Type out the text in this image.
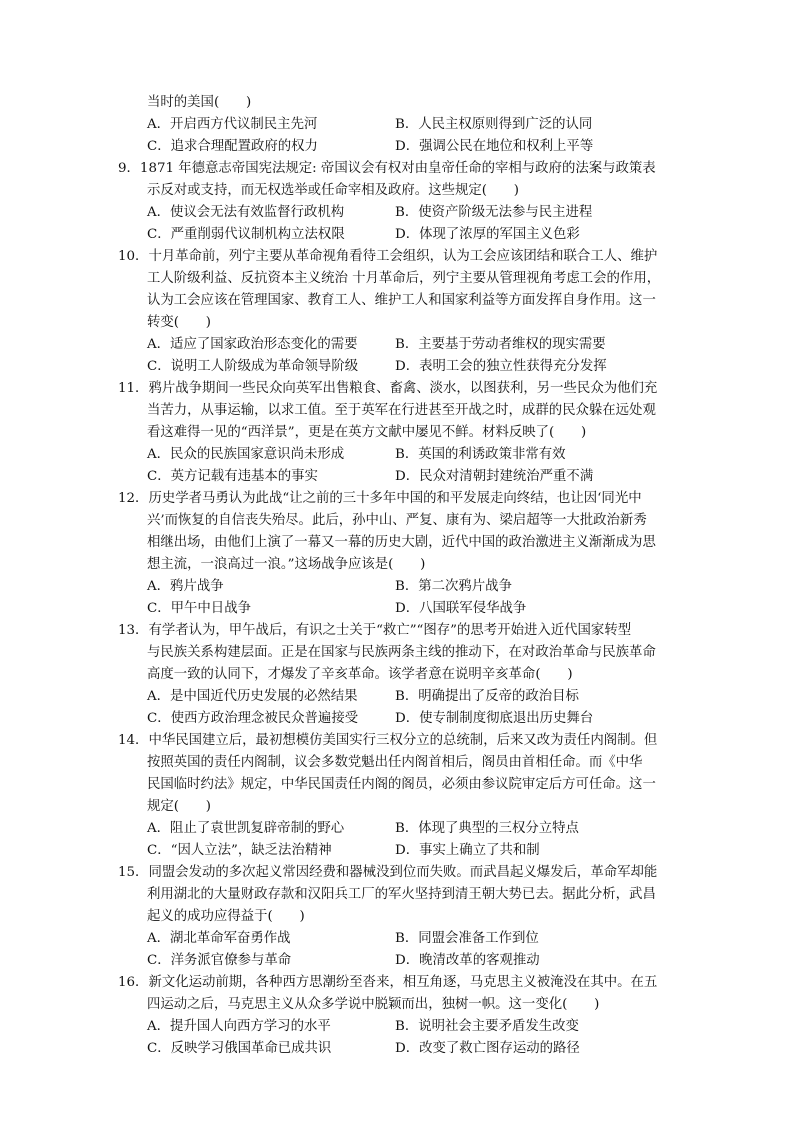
当时的美国(　　)
A．开启西方代议制民主先河	B．人民主权原则得到广泛的认同
C．追求合理配置政府的权力	D．强调公民在地位和权利上平等
9．1871 年德意志帝国宪法规定: 帝国议会有权对由皇帝任命的宰相与政府的法案与政策表
示反对或支持，而无权选举或任命宰相及政府。这些规定(　　)
A．使议会无法有效监督行政机构	B．使资产阶级无法参与民主进程
C．严重削弱代议制机构立法权限	D．体现了浓厚的军国主义色彩
10．十月革命前，列宁主要从革命视角看待工会组织，认为工会应该团结和联合工人、维护
工人阶级利益、反抗资本主义统治 十月革命后，列宁主要从管理视角考虑工会的作用，
认为工会应该在管理国家、教育工人、维护工人和国家利益等方面发挥自身作用。这一
转变(　　)
A．适应了国家政治形态变化的需要	B．主要基于劳动者维权的现实需要
C．说明工人阶级成为革命领导阶级	D．表明工会的独立性获得充分发挥
11．鸦片战争期间一些民众向英军出售粮食、畜禽、淡水，以图获利，另一些民众为他们充
当苦力，从事运输，以求工值。至于英军在行进甚至开战之时，成群的民众躲在远处观
看这难得一见的“西洋景”，更是在英方文献中屡见不鲜。材料反映了(　　)
A．民众的民族国家意识尚未形成	B．英国的利诱政策非常有效
C．英方记载有违基本的事实	D．民众对清朝封建统治严重不满
12．历史学者马勇认为此战“让之前的三十多年中国的和平发展走向终结，也让因‘同光中
兴’而恢复的自信丧失殆尽。此后，孙中山、严复、康有为、梁启超等一大批政治新秀
相继出场，由他们上演了一幕又一幕的历史大剧，近代中国的政治激进主义渐渐成为思
想主流，一浪高过一浪。”这场战争应该是(　　)
A．鸦片战争	B．第二次鸦片战争
C．甲午中日战争	D．八国联军侵华战争
13．有学者认为，甲午战后，有识之士关于“救亡”“图存”的思考开始进入近代国家转型
与民族关系构建层面。正是在国家与民族两条主线的推动下，在对政治革命与民族革命
高度一致的认同下，才爆发了辛亥革命。该学者意在说明辛亥革命(　　)
A．是中国近代历史发展的必然结果	B．明确提出了反帝的政治目标
C．使西方政治理念被民众普遍接受	D．使专制制度彻底退出历史舞台
14．中华民国建立后，最初想模仿美国实行三权分立的总统制，后来又改为责任内阁制。但
按照英国的责任内阁制，议会多数党魁出任内阁首相后，阁员由首相任命。而《中华
民国临时约法》规定，中华民国责任内阁的阁员，必须由参议院审定后方可任命。这一
规定(　　)
A．阻止了袁世凯复辟帝制的野心	B．体现了典型的三权分立特点
C．“因人立法”，缺乏法治精神	D．事实上确立了共和制
15．同盟会发动的多次起义常因经费和器械没到位而失败。而武昌起义爆发后，革命军却能
利用湖北的大量财政存款和汉阳兵工厂的军火坚持到清王朝大势已去。据此分析，武昌
起义的成功应得益于(　　)
A．湖北革命军奋勇作战	B．同盟会准备工作到位
C．洋务派官僚参与革命	D．晚清改革的客观推动
16．新文化运动前期，各种西方思潮纷至沓来，相互角逐，马克思主义被淹没在其中。在五
四运动之后，马克思主义从众多学说中脱颖而出，独树一帜。这一变化(　　)
A．提升国人向西方学习的水平	B．说明社会主要矛盾发生改变
C．反映学习俄国革命已成共识	D．改变了救亡图存运动的路径
